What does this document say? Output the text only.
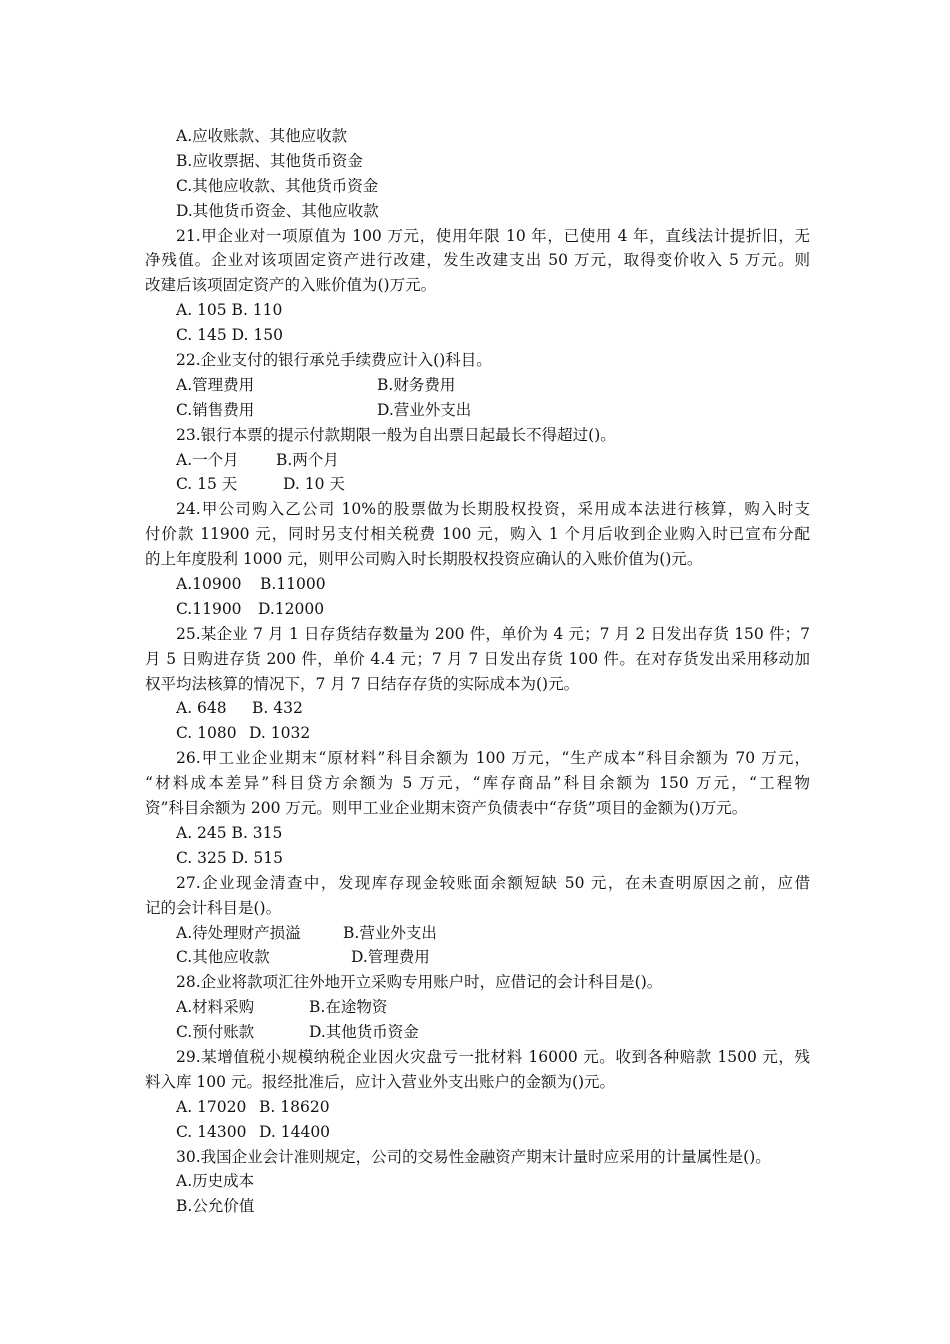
A.应收账款、其他应收款
B.应收票据、其他货币资金
C.其他应收款、其他货币资金
D.其他货币资金、其他应收款
21.甲企业对一项原值为 100 万元，使用年限 10 年，已使用 4 年，直线法计提折旧，无
净残值。企业对该项固定资产进行改建，发生改建支出 50 万元，取得变价收入 5 万元。则
改建后该项固定资产的入账价值为()万元。
A. 105 B. 110
C. 145 D. 150
22.企业支付的银行承兑手续费应计入()科目。
A.管理费用	B.财务费用
C.销售费用	D.营业外支出
23.银行本票的提示付款期限一般为自出票日起最长不得超过()。
A.一个月 B.两个月
C. 15 天	D. 10 天
24.甲公司购入乙公司 10%的股票做为长期股权投资，采用成本法进行核算，购入时支
付价款 11900 元，同时另支付相关税费 100 元，购入 1 个月后收到企业购入时已宣布分配
的上年度股利 1000 元，则甲公司购入时长期股权投资应确认的入账价值为()元。
A.10900 B.11000
C.11900 D.12000
25.某企业 7 月 1 日存货结存数量为 200 件，单价为 4 元；7 月 2 日发出存货 150 件；7
月 5 日购进存货 200 件，单价 4.4 元；7 月 7 日发出存货 100 件。在对存货发出采用移动加
权平均法核算的情况下，7 月 7 日结存存货的实际成本为()元。
A. 648 B. 432
C. 1080 D. 1032
26.甲工业企业期末“原材料”科目余额为 100 万元，“生产成本”科目余额为 70 万元，
“材料成本差异”科目贷方余额为 5 万元，“库存商品”科目余额为 150 万元，“工程物
资”科目余额为 200 万元。则甲工业企业期末资产负债表中“存货”项目的金额为()万元。
A. 245 B. 315
C. 325 D. 515
27.企业现金清查中，发现库存现金较账面余额短缺 50 元，在未查明原因之前，应借
记的会计科目是()。
A.待处理财产损溢	B.营业外支出
C.其他应收款	D.管理费用
28.企业将款项汇往外地开立采购专用账户时，应借记的会计科目是()。
A.材料采购	B.在途物资
C.预付账款	D.其他货币资金
29.某增值税小规模纳税企业因火灾盘亏一批材料 16000 元。收到各种赔款 1500 元，残
料入库 100 元。报经批准后，应计入营业外支出账户的金额为()元。
A. 17020 B. 18620
C. 14300 D. 14400
30.我国企业会计准则规定，公司的交易性金融资产期末计量时应采用的计量属性是()。
A.历史成本
B.公允价值
